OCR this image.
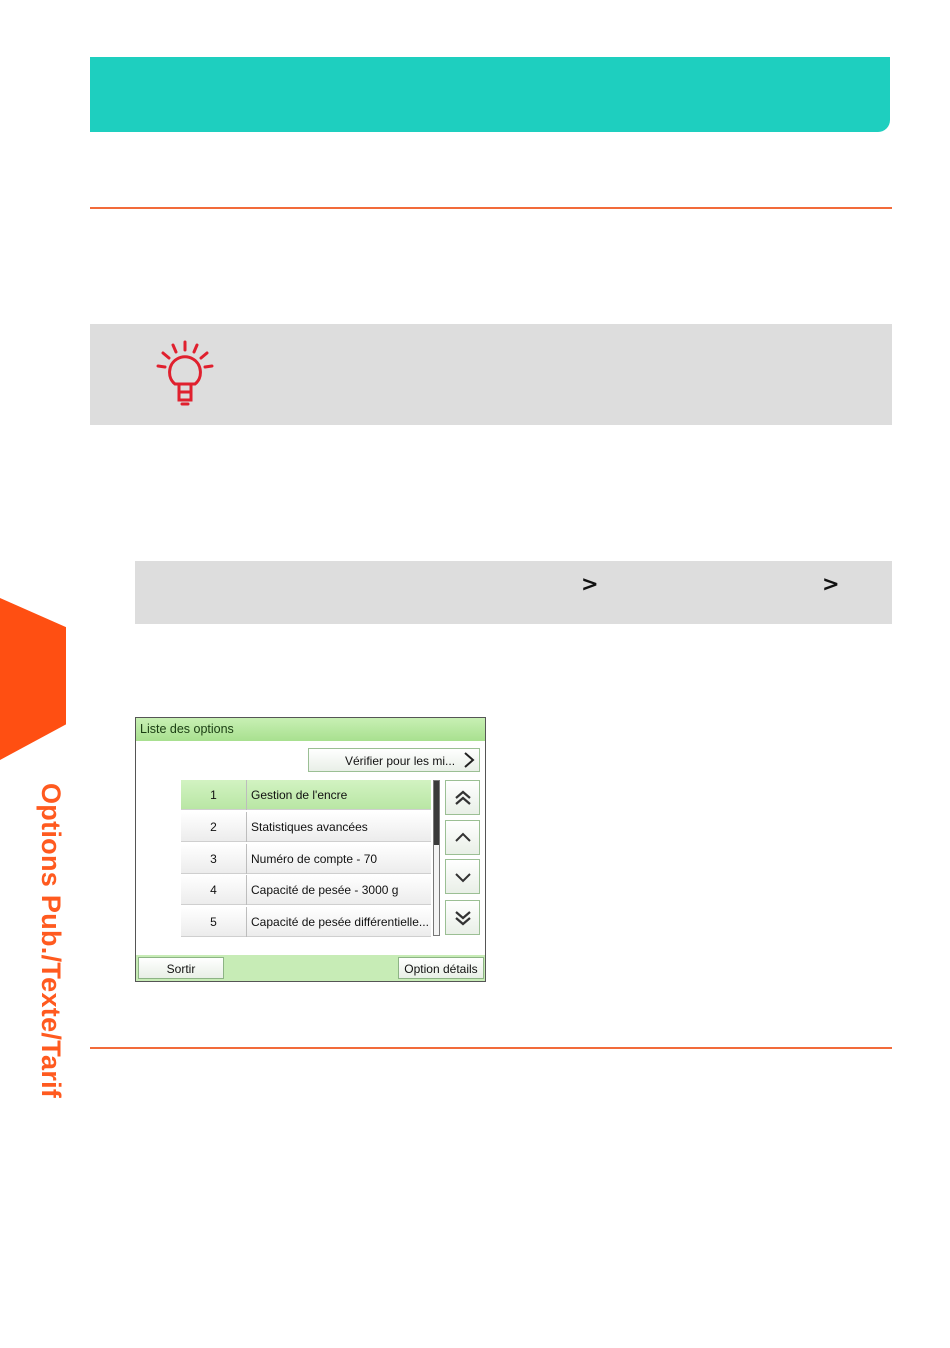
>	>
Options Pub./Texte/Tarif
Liste des options
Vérifier pour les mi...
1	Gestion de l'encre
2	Statistiques avancées
3	Numéro de compte - 70
4	Capacité de pesée - 3000 g
5	Capacité de pesée différentielle...
Sortir	Option détails
